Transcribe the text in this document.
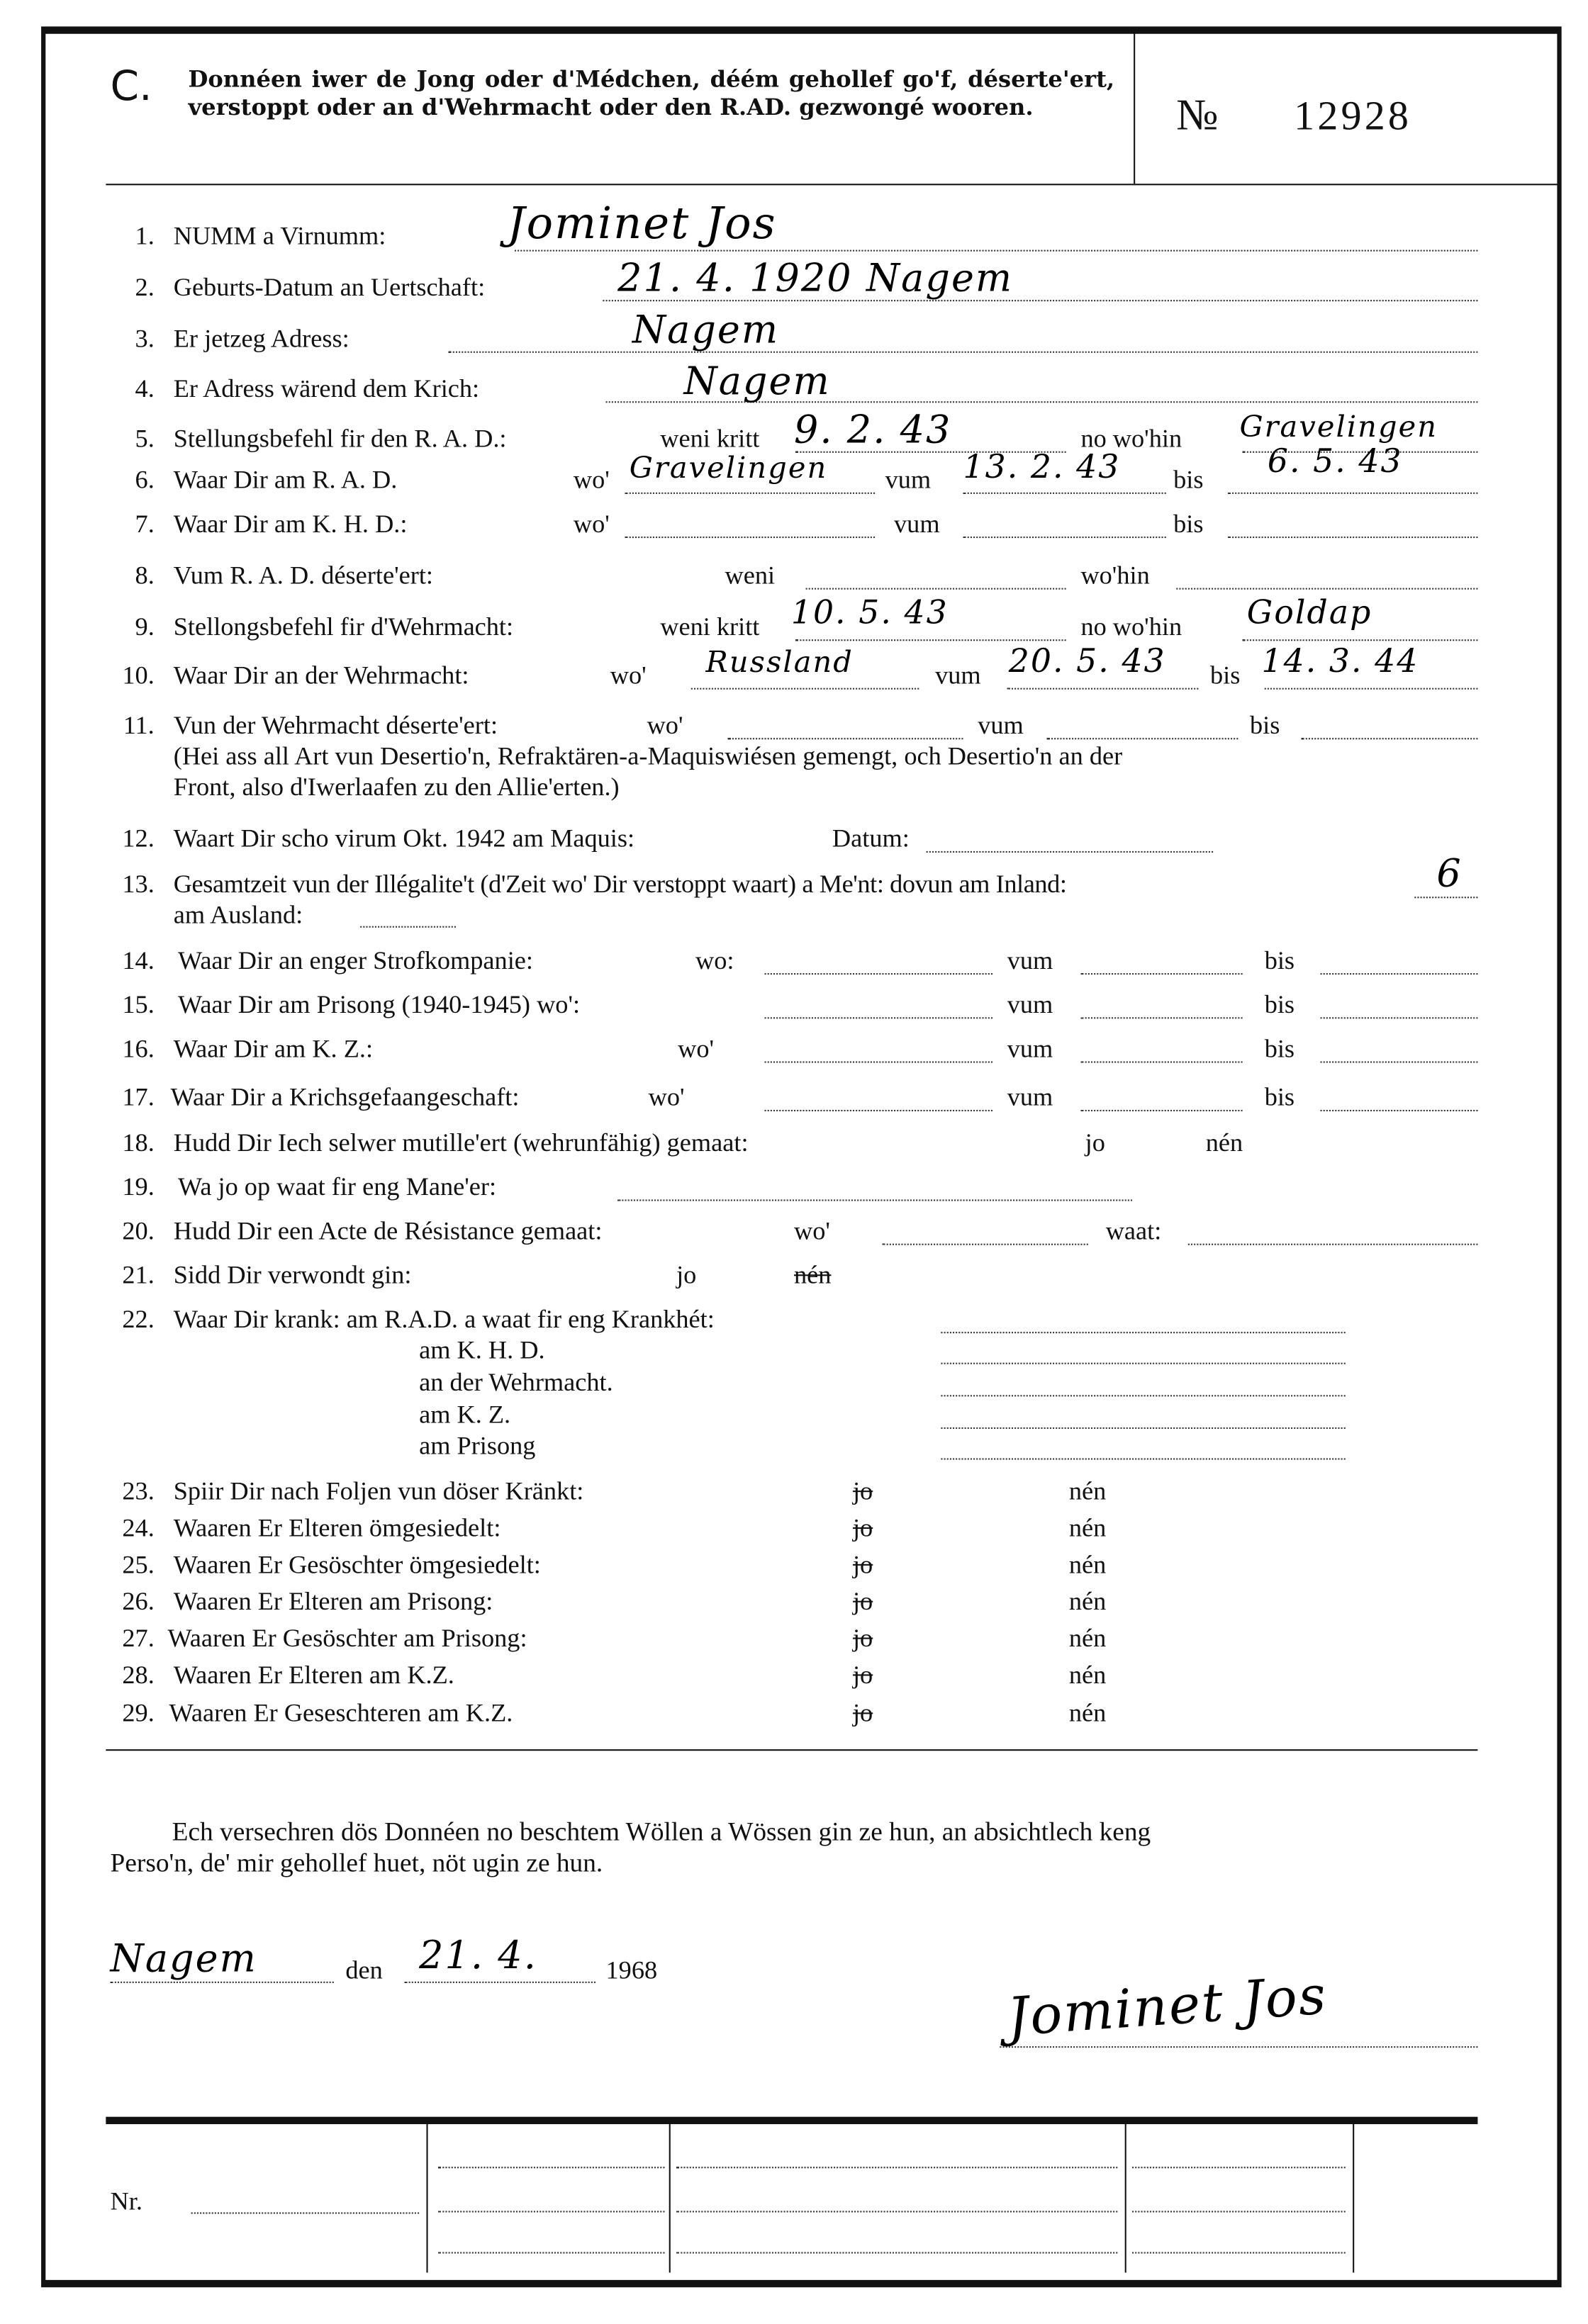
C.	Donnéen iwer de Jong oder d'Médchen, déém gehollef go'f, déserte'ert, verstoppt oder an d'Wehrmacht oder den R.AD. gezwongé wooren.	№	12928
1. NUMM a Virnumm:	Jominet Jos
2. Geburts-Datum an Uertschaft:	21. 4. 1920 Nagem
3. Er jetzeg Adress:	Nagem
4. Er Adress wärend dem Krich:	Nagem
5. Stellungsbefehl fir den R. A. D.:	weni kritt 9. 2. 43	no wo'hin	Gravelingen
6. Waar Dir am R. A. D.	wo' Gravelingen	vum 13. 2. 43	bis	6. 5. 43
7. Waar Dir am K. H. D.:	wo'	vum	bis
8. Vum R. A. D. déserte'ert:	weni	wo'hin
9. Stellongsbefehl fir d'Wehrmacht:	weni kritt 10. 5. 43	no wo'hin	Goldap
10. Waar Dir an der Wehrmacht:	wo'	Russland	vum 20. 5. 43	bis 14. 3. 44
11. Vun der Wehrmacht déserte'ert:	wo'	vum	bis
(Hei ass all Art vun Desertio'n, Refraktären-a-Maquiswiésen gemengt, och Desertio'n an der
Front, also d'Iwerlaafen zu den Allie'erten.)
12. Waart Dir scho virum Okt. 1942 am Maquis:	Datum:
13. Gesamtzeit vun der Illégalite't (d'Zeit wo' Dir verstoppt waart) a Me'nt: dovun am Inland:	6
am Ausland:
14. Waar Dir an enger Strofkompanie:	wo:	vum	bis
15. Waar Dir am Prisong (1940-1945) wo':	vum	bis
16. Waar Dir am K. Z.:	wo'	vum	bis
17. Waar Dir a Krichsgefaangeschaft:	wo'	vum	bis
18. Hudd Dir Iech selwer mutille'ert (wehrunfähig) gemaat:	jo	nén
19. Wa jo op waat fir eng Mane'er:
20. Hudd Dir een Acte de Résistance gemaat:	wo'	waat:
21. Sidd Dir verwondt gin:	jo	nén
22. Waar Dir krank: am R.A.D. a waat fir eng Krankhét:
am K. H. D.
an der Wehrmacht.
am K. Z.
am Prisong
23. Spiir Dir nach Foljen vun döser Kränkt:	jo	nén
24. Waaren Er Elteren ömgesiedelt:	jo	nén
25. Waaren Er Gesöschter ömgesiedelt:	jo	nén
26. Waaren Er Elteren am Prisong:	jo	nén
27. Waaren Er Gesöschter am Prisong:	jo	nén
28. Waaren Er Elteren am K.Z.	jo	nén
29. Waaren Er Geseschteren am K.Z.	jo	nén
Ech versechren dös Donnéen no beschtem Wöllen a Wössen gin ze hun, an absichtlech keng
Perso'n, de' mir gehollef huet, nöt ugin ze hun.
Nagem	den 21. 4.	1968	Jominet Jos
Nr.
